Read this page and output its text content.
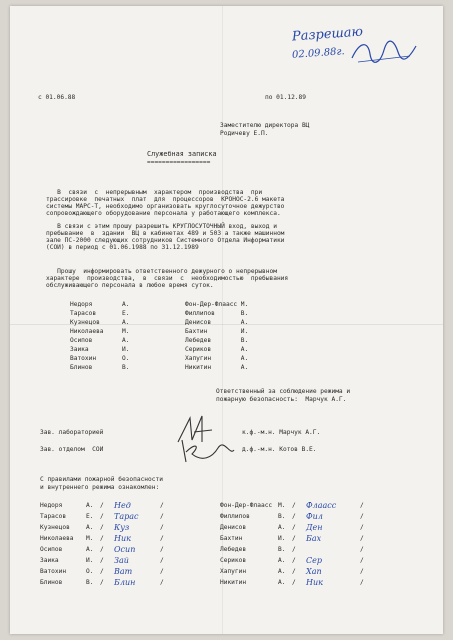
Разрешаю
02.09.88г.
с 01.06.88	по 01.12.89
Заместителю директора ВЦ
Родичеву Е.П.
Служебная записка
=================
В  связи  с  непрерывным  характером  производства  при
трассировке  печатных  плат  для  процессоров  КРОНОС-2.6 макета
системы МАРС-Т, необходимо организовать круглосуточное дежурство
сопровождающего оборудование персонала у работающего комплекса.
В связи с этим прошу разрешить КРУГЛОСУТОЧНЫЙ вход, выход и
пребывание  в  здании  ВЦ в кабинетах 489 и 503 а также машинном
зале ПС-2000 следующих сотрудников Системного Отдела Информатики
(СОИ) в период с 01.06.1988 по 31.12.1989
Прошу  информировать ответственного дежурного о непрерывном
характере  производства,  в  связи  с  необходимостью  пребывания
обслуживающего персонала в любое время суток.
Недоря	А.
Тарасов	Е.
Кузнецов	А.
Николаева	М.
Осипов	А.
Заика	И.
Ватохин	О.
Блинов	В.
Фон-Дер-Флаасс М.
Филлипов	В.
Денисов	А.
Бахтин	И.
Лебедев	В.
Сериков	А.
Хапугин	А.
Никитин	А.
Ответственный за соблюдение режима и
пожарную безопасность:  Марчук А.Г.
Зав. лабораторией	к.ф.-м.н. Марчук А.Г.
Зав. отделом  СОИ	д.ф.-м.н. Котов В.Е.
С правилами пожарной безопасности
и внутреннего режима ознакомлен:
Недоря	А. / Нед	/
Тарасов	Е. / Тарас	/
Кузнецов	А. / Куз	/
Николаева М. / Ник	/
Осипов	А. / Осип	/
Заика	И. / Зай	/
Ватохин	О. / Ват	/
Блинов	В. / Блин	/
Фон-Дер-Флаасс М. / Флаасс	/
Филлипов	В. / Фил	/
Денисов	А. / Ден	/
Бахтин	И. / Бах	/
Лебедев	В. /	/
Сериков	А. / Сер	/
Хапугин	А. / Хап	/
Никитин	А. / Ник	/
